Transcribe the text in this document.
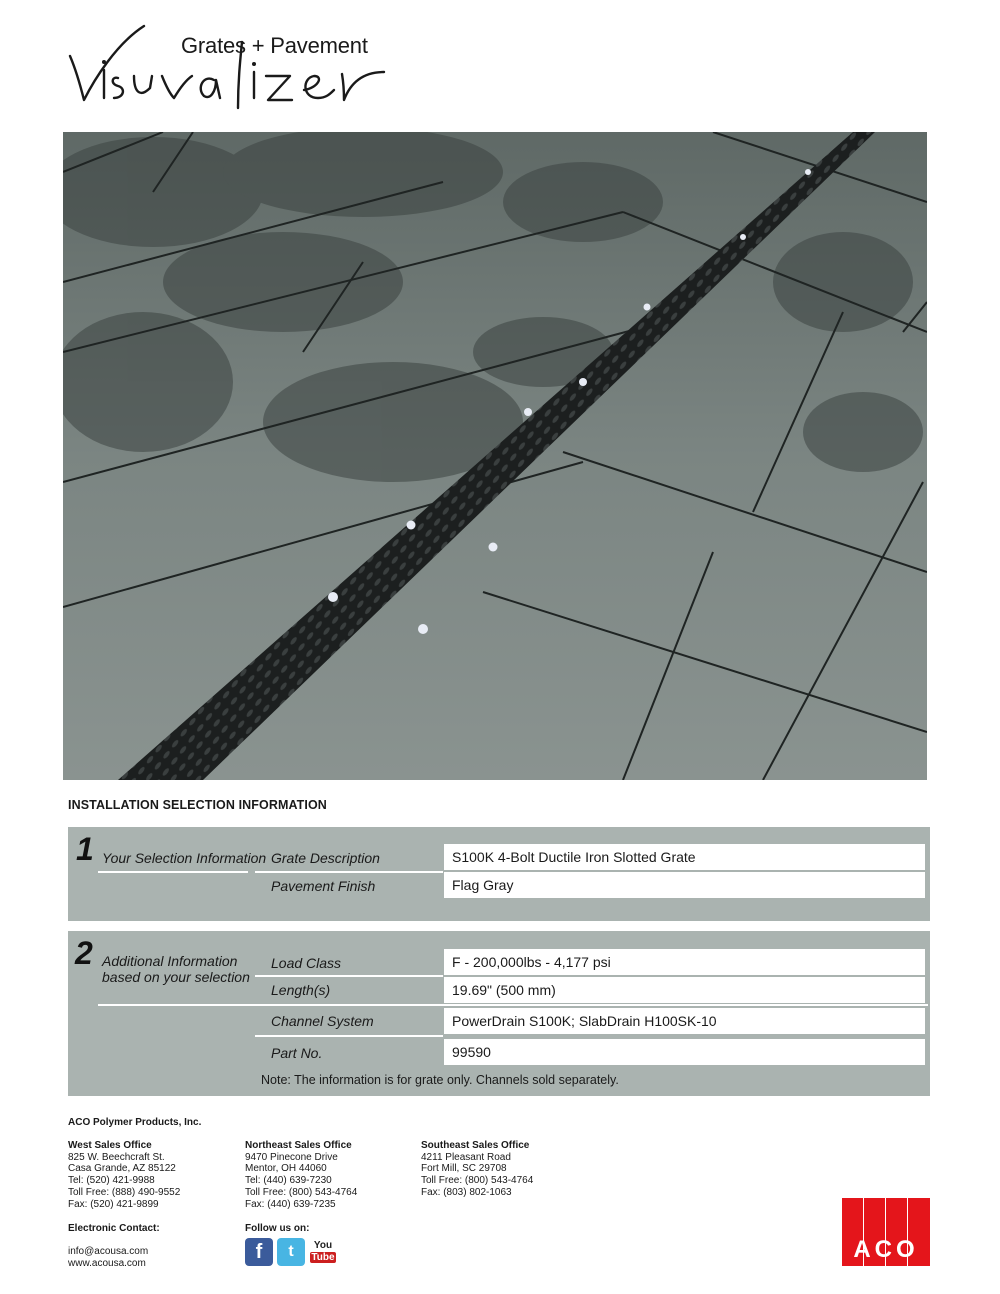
Grates + Pavement
INSTALLATION SELECTION INFORMATION
1 Your Selection Information Grate Description	S100K 4-Bolt Ductile Iron Slotted Grate
Pavement Finish	Flag Gray
2 Additional Information
based on your selection
Load Class	F - 200,000lbs - 4,177 psi
Length(s)	19.69" (500 mm)
Channel System	PowerDrain S100K; SlabDrain H100SK-10
Part No.	99590
Note: The information is for grate only. Channels sold separately.
ACO Polymer Products, Inc.
West Sales Office
825 W. Beechcraft St.
Casa Grande, AZ 85122
Tel: (520) 421-9988
Toll Free: (888) 490-9552
Fax: (520) 421-9899
Northeast Sales Office
9470 Pinecone Drive
Mentor, OH 44060
Tel: (440) 639-7230
Toll Free: (800) 543-4764
Fax: (440) 639-7235
Southeast Sales Office
4211 Pleasant Road
Fort Mill, SC 29708
Toll Free: (800) 543-4764
Fax: (803) 802-1063
Electronic Contact:

info@acousa.com
www.acousa.com
Follow us on:
f	t	You
Tube	ACO
